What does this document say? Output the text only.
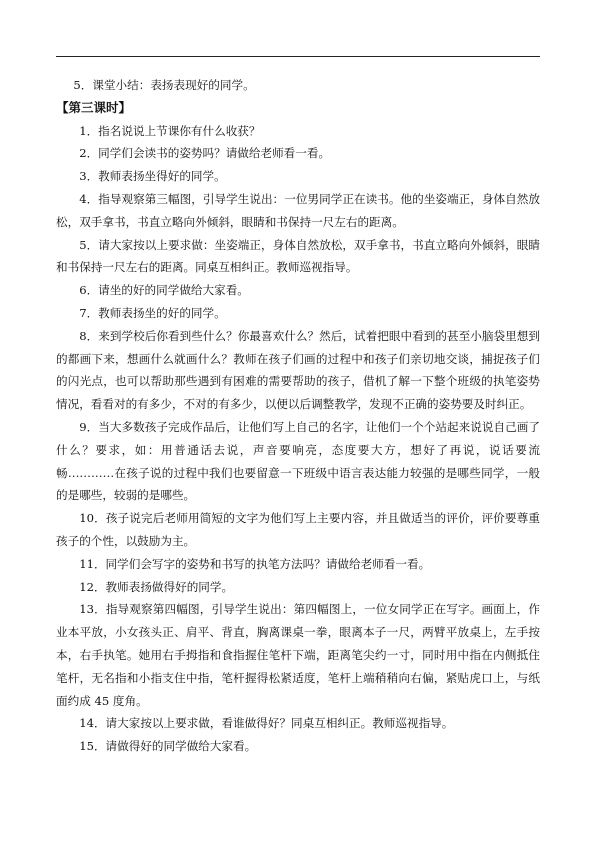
5．课堂小结：表扬表现好的同学。

【第三课时】

1．指名说说上节课你有什么收获？

2．同学们会读书的姿势吗？请做给老师看一看。

3．教师表扬坐得好的同学。

4．指导观察第三幅图，引导学生说出：一位男同学正在读书。他的坐姿端正，身体自然放松，双手拿书，书直立略向外倾斜，眼睛和书保持一尺左右的距离。

5．请大家按以上要求做：坐姿端正，身体自然放松，双手拿书，书直立略向外倾斜，眼睛和书保持一尺左右的距离。同桌互相纠正。教师巡视指导。

6．请坐的好的同学做给大家看。

7．教师表扬坐的好的同学。

8．来到学校后你看到些什么？你最喜欢什么？然后，试着把眼中看到的甚至小脑袋里想到的都画下来，想画什么就画什么？教师在孩子们画的过程中和孩子们亲切地交谈，捕捉孩子们的闪光点，也可以帮助那些遇到有困难的需要帮助的孩子，借机了解一下整个班级的执笔姿势情况，看看对的有多少，不对的有多少，以便以后调整教学，发现不正确的姿势要及时纠正。

9．当大多数孩子完成作品后，让他们写上自己的名字，让他们一个个站起来说说自己画了什么？要求，如：用普通话去说，声音要响亮，态度要大方，想好了再说，说话要流畅…………在孩子说的过程中我们也要留意一下班级中语言表达能力较强的是哪些同学，一般的是哪些，较弱的是哪些。

10．孩子说完后老师用简短的文字为他们写上主要内容，并且做适当的评价，评价要尊重孩子的个性，以鼓励为主。

11．同学们会写字的姿势和书写的执笔方法吗？请做给老师看一看。

12．教师表扬做得好的同学。

13．指导观察第四幅图，引导学生说出：第四幅图上，一位女同学正在写字。画面上，作业本平放，小女孩头正、肩平、背直，胸离课桌一拳，眼离本子一尺，两臂平放桌上，左手按本，右手执笔。她用右手拇指和食指握住笔杆下端，距离笔尖约一寸，同时用中指在内侧抵住笔杆，无名指和小指支住中指，笔杆握得松紧适度，笔杆上端稍稍向右偏，紧贴虎口上，与纸面约成 45 度角。

14．请大家按以上要求做，看谁做得好？同桌互相纠正。教师巡视指导。

15．请做得好的同学做给大家看。
